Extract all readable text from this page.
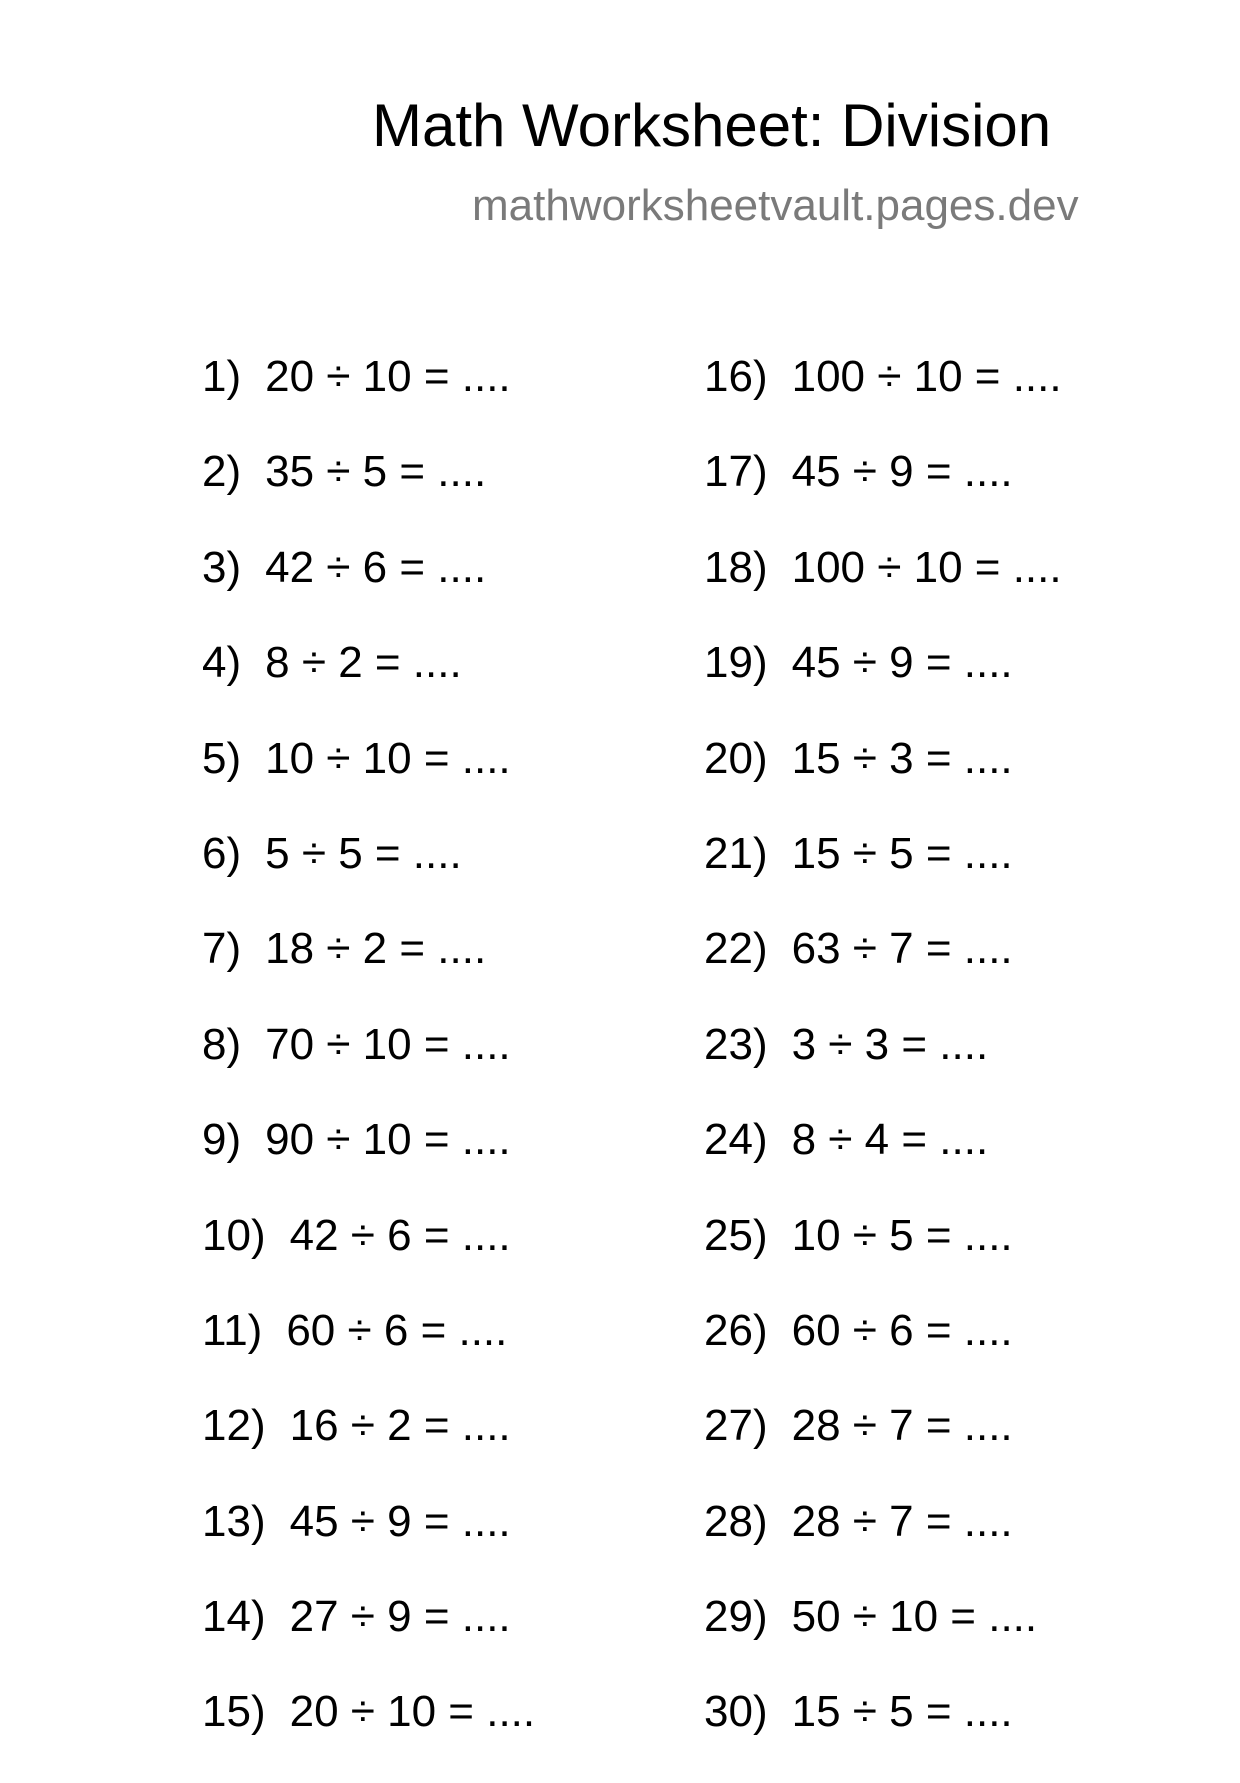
Math Worksheet: Division
mathworksheetvault.pages.dev
1) 20 ÷ 10 = ....
2) 35 ÷ 5 = ....
3) 42 ÷ 6 = ....
4) 8 ÷ 2 = ....
5) 10 ÷ 10 = ....
6) 5 ÷ 5 = ....
7) 18 ÷ 2 = ....
8) 70 ÷ 10 = ....
9) 90 ÷ 10 = ....
10) 42 ÷ 6 = ....
11) 60 ÷ 6 = ....
12) 16 ÷ 2 = ....
13) 45 ÷ 9 = ....
14) 27 ÷ 9 = ....
15) 20 ÷ 10 = ....
16) 100 ÷ 10 = ....
17) 45 ÷ 9 = ....
18) 100 ÷ 10 = ....
19) 45 ÷ 9 = ....
20) 15 ÷ 3 = ....
21) 15 ÷ 5 = ....
22) 63 ÷ 7 = ....
23) 3 ÷ 3 = ....
24) 8 ÷ 4 = ....
25) 10 ÷ 5 = ....
26) 60 ÷ 6 = ....
27) 28 ÷ 7 = ....
28) 28 ÷ 7 = ....
29) 50 ÷ 10 = ....
30) 15 ÷ 5 = ....
